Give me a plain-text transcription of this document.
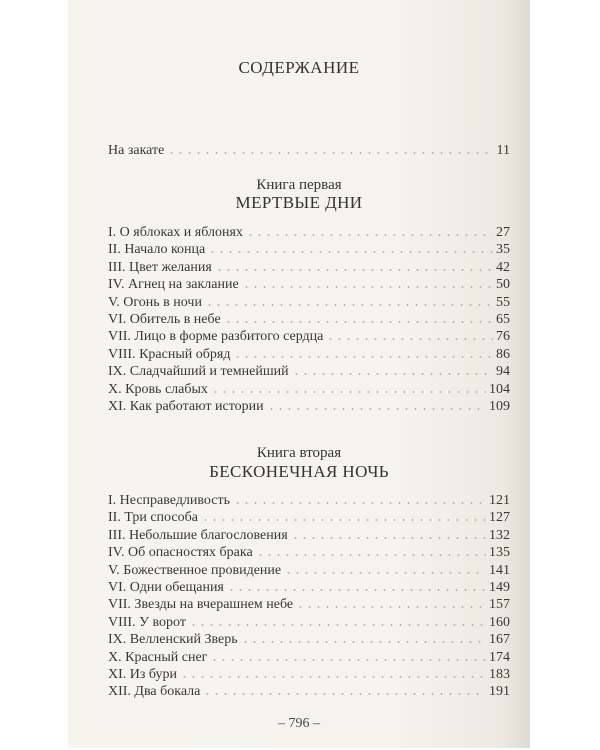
СОДЕРЖАНИЕ
На закате	11
Книга первая
МЕРТВЫЕ ДНИ
I. О яблоках и яблонях	27
II. Начало конца	35
III. Цвет желания	42
IV. Агнец на заклание	50
V. Огонь в ночи	55
VI. Обитель в небе	65
VII. Лицо в форме разбитого сердца	76
VIII. Красный обряд	86
IX. Сладчайший и темнейший	94
X. Кровь слабых	104
XI. Как работают истории	109
Книга вторая
БЕСКОНЕЧНАЯ НОЧЬ
I. Несправедливость	121
II. Три способа	127
III. Небольшие благословения	132
IV. Об опасностях брака	135
V. Божественное провидение	141
VI. Одни обещания	149
VII. Звезды на вчерашнем небе	157
VIII. У ворот	160
IX. Велленский Зверь	167
X. Красный снег	174
XI. Из бури	183
XII. Два бокала	191
– 796 –
